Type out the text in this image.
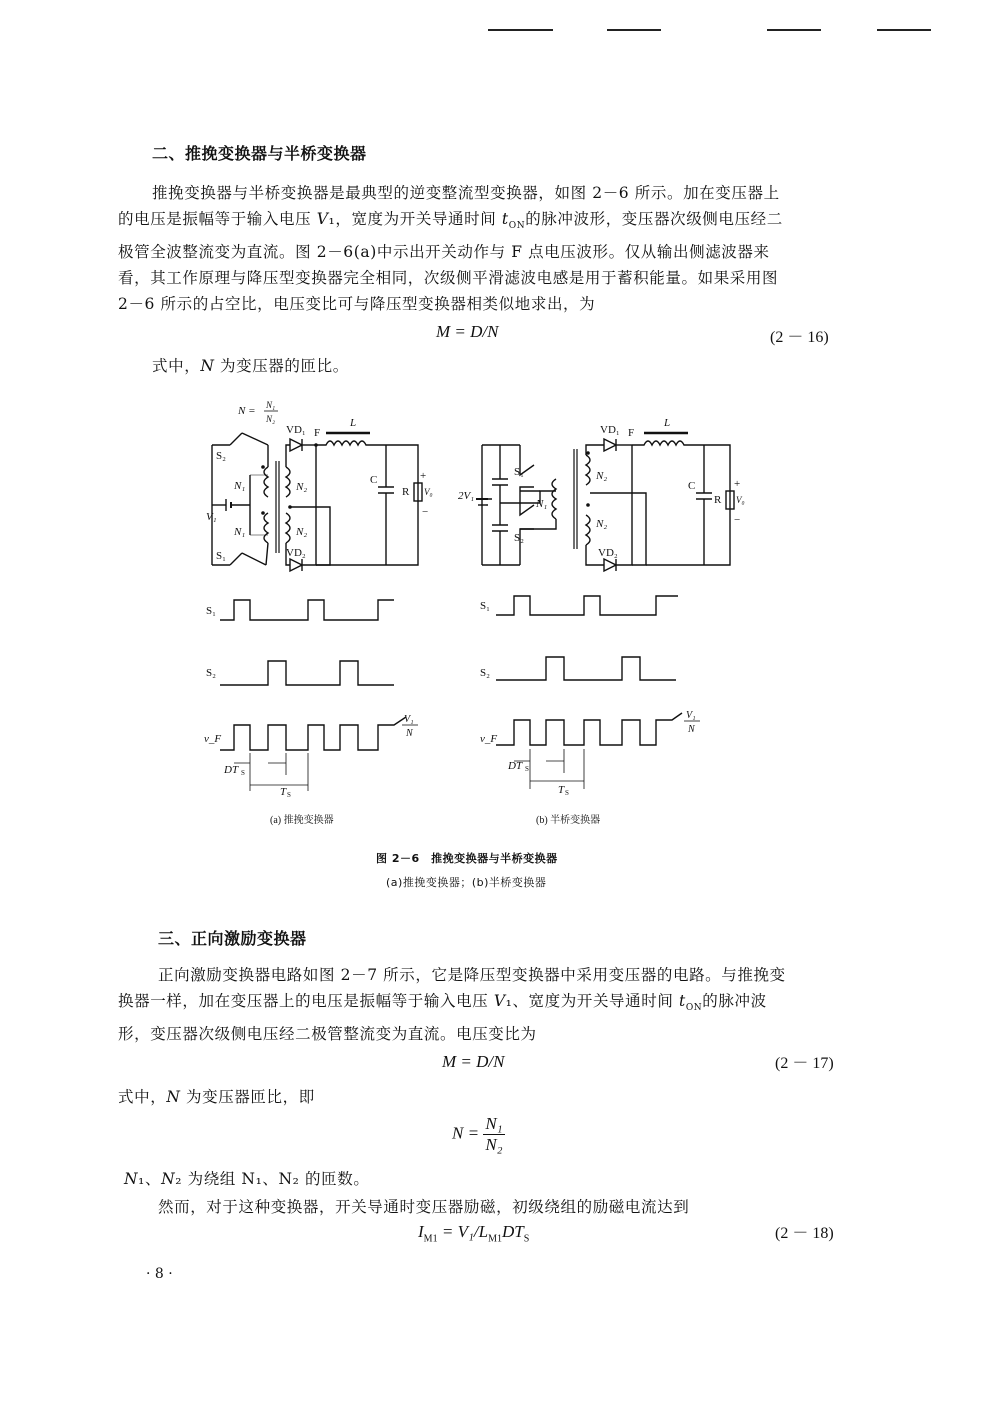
二、推挽变换器与半桥变换器

推挽变换器与半桥变换器是最典型的逆变整流型变换器，如图 2－6 所示。加在变压器上

的电压是振幅等于输入电压 V₁，宽度为开关导通时间 $t_{ON}$的脉冲波形，变压器次级侧电压经二

极管全波整流变为直流。图 2－6(a)中示出开关动作与 F 点电压波形。仅从输出侧滤波器来

看，其工作原理与降压型变换器完全相同，次级侧平滑滤波电感是用于蓄积能量。如果采用图

2－6 所示的占空比，电压变比可与降压型变换器相类似地求出，为

M = D/N	(2 － 16)
式中，N 为变压器的匝比。
N = N₁
N₂
S₂
S₁
V₁
N₁
N₁
N₂
N₂
VD₁
VD₂
F
L
C
R
+
V₀
−
S₁
S₂
v_F
V₁
N
DT S
T S
(a) 推挽变换器
2V₁
S₁
S₂
N₁
N₂
N₂
VD₁ F
VD₂
L
C
R
+
V₀
−
S₁
S₂
v_F
V₁
N
DT S
T S
(b) 半桥变换器
图 2－6　推挽变换器与半桥变换器
(a)推挽变换器；(b)半桥变换器
三、正向激励变换器

正向激励变换器电路如图 2－7 所示，它是降压型变换器中采用变压器的电路。与推挽变

换器一样，加在变压器上的电压是振幅等于输入电压 V₁、宽度为开关导通时间 $t_{ON}$的脉冲波

形，变压器次级侧电压经二极管整流变为直流。电压变比为

M = D/N	(2 － 17)
式中，N 为变压器匝比，即
$N = \frac{\text{N₁}}{\text{N₂}}$
N₁、N₂ 为绕组 N₁、N₂ 的匝数。
然而，对于这种变换器，开关导通时变压器励磁，初级绕组的励磁电流达到
$I_{M1} = V_1/L_{M1}DT_S$	(2 － 18)
· 8 ·
